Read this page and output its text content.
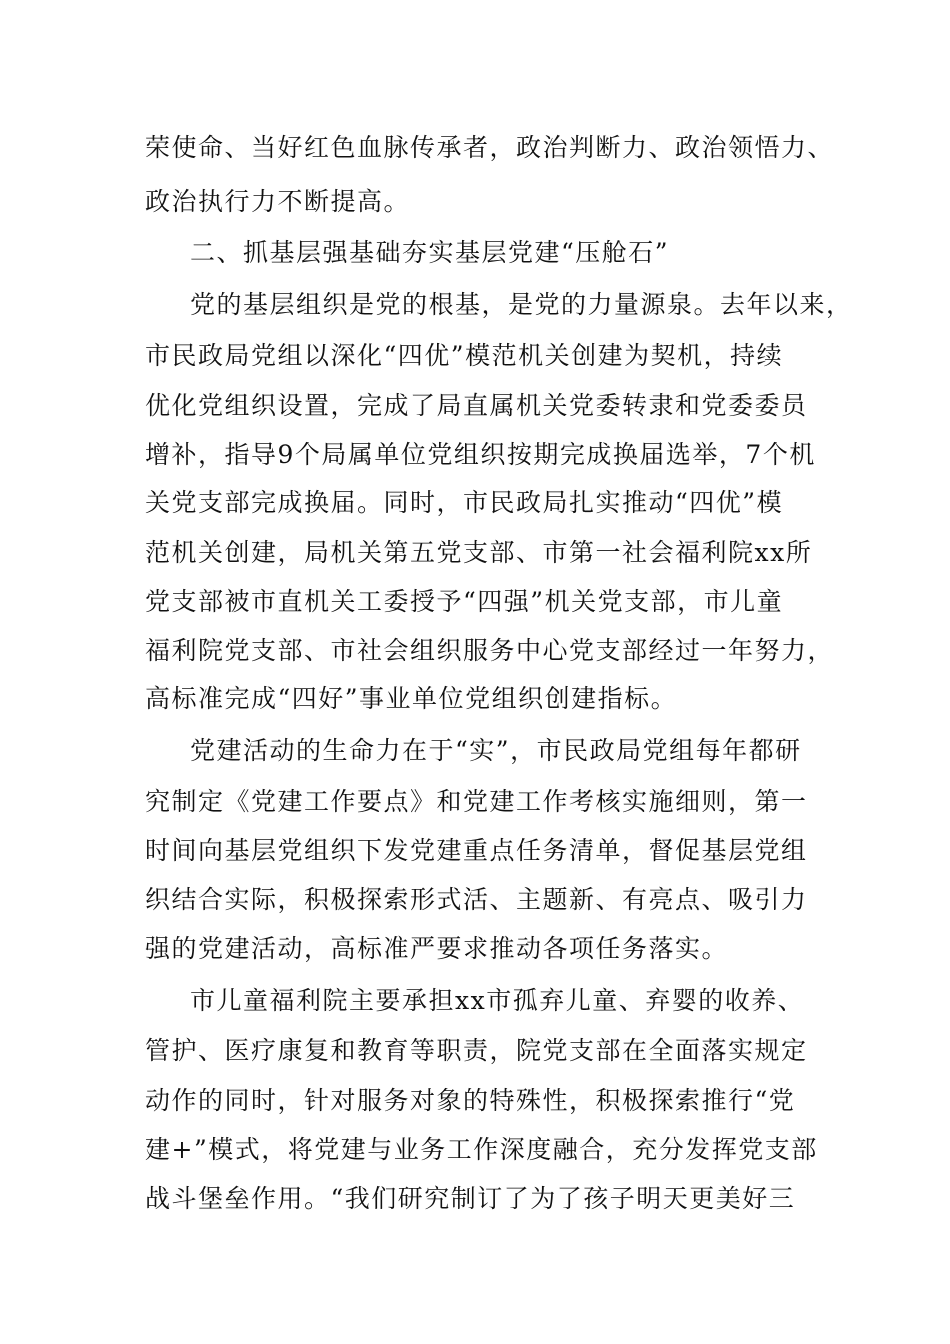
荣使命、当好红色血脉传承者，政治判断力、政治领悟力、
政治执行力不断提高。
二、抓基层强基础夯实基层党建“压舱石”
党的基层组织是党的根基，是党的力量源泉。去年以来，
市民政局党组以深化“四优”模范机关创建为契机，持续
优化党组织设置，完成了局直属机关党委转隶和党委委员
增补，指导9个局属单位党组织按期完成换届选举，7个机
关党支部完成换届。同时，市民政局扎实推动“四优”模
范机关创建，局机关第五党支部、市第一社会福利院xx所
党支部被市直机关工委授予“四强”机关党支部，市儿童
福利院党支部、市社会组织服务中心党支部经过一年努力，
高标准完成“四好”事业单位党组织创建指标。
党建活动的生命力在于“实”，市民政局党组每年都研
究制定《党建工作要点》和党建工作考核实施细则，第一
时间向基层党组织下发党建重点任务清单，督促基层党组
织结合实际，积极探索形式活、主题新、有亮点、吸引力
强的党建活动，高标准严要求推动各项任务落实。
市儿童福利院主要承担xx市孤弃儿童、弃婴的收养、
管护、医疗康复和教育等职责，院党支部在全面落实规定
动作的同时，针对服务对象的特殊性，积极探索推行“党
建+”模式，将党建与业务工作深度融合，充分发挥党支部
战斗堡垒作用。“我们研究制订了为了孩子明天更美好三
